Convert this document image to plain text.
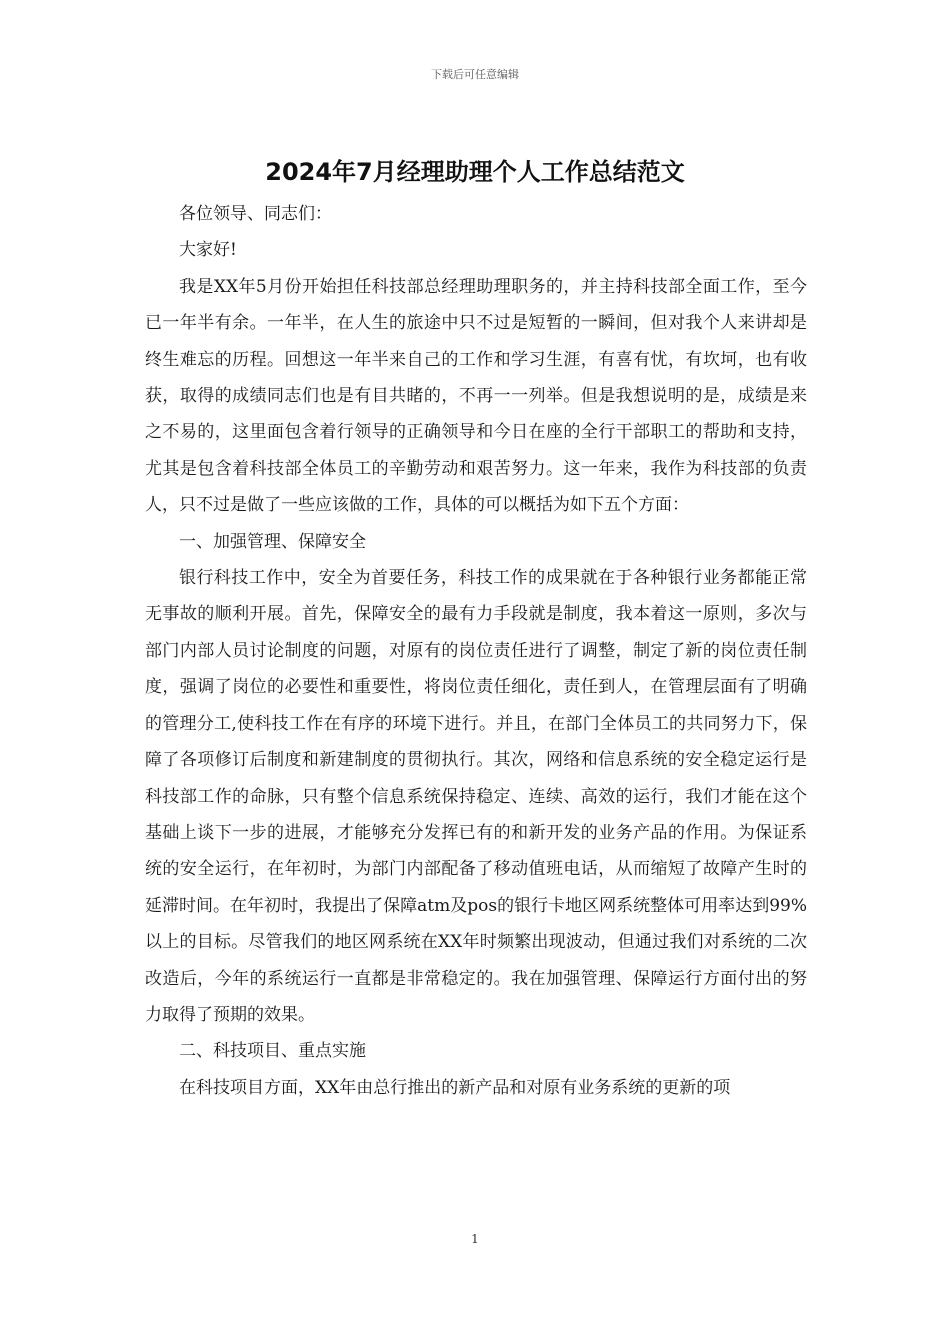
下载后可任意编辑
2024年7月经理助理个人工作总结范文

各位领导、同志们：

大家好!

我是XX年5月份开始担任科技部总经理助理职务的，并主持科技部全面工作，至今已一年半有余。一年半，在人生的旅途中只不过是短暂的一瞬间，但对我个人来讲却是终生难忘的历程。回想这一年半来自己的工作和学习生涯，有喜有忧，有坎坷，也有收获，取得的成绩同志们也是有目共睹的，不再一一列举。但是我想说明的是，成绩是来之不易的，这里面包含着行领导的正确领导和今日在座的全行干部职工的帮助和支持，尤其是包含着科技部全体员工的辛勤劳动和艰苦努力。这一年来，我作为科技部的负责人，只不过是做了一些应该做的工作，具体的可以概括为如下五个方面：

一、加强管理、保障安全

银行科技工作中，安全为首要任务，科技工作的成果就在于各种银行业务都能正常无事故的顺利开展。首先，保障安全的最有力手段就是制度，我本着这一原则，多次与部门内部人员讨论制度的问题，对原有的岗位责任进行了调整，制定了新的岗位责任制度，强调了岗位的必要性和重要性，将岗位责任细化，责任到人，在管理层面有了明确的管理分工,使科技工作在有序的环境下进行。并且，在部门全体员工的共同努力下，保障了各项修订后制度和新建制度的贯彻执行。其次，网络和信息系统的安全稳定运行是科技部工作的命脉，只有整个信息系统保持稳定、连续、高效的运行，我们才能在这个基础上谈下一步的进展，才能够充分发挥已有的和新开发的业务产品的作用。为保证系统的安全运行，在年初时，为部门内部配备了移动值班电话，从而缩短了故障产生时的延滞时间。在年初时，我提出了保障atm及pos的银行卡地区网系统整体可用率达到99%以上的目标。尽管我们的地区网系统在XX年时频繁出现波动，但通过我们对系统的二次改造后，今年的系统运行一直都是非常稳定的。我在加强管理、保障运行方面付出的努力取得了预期的效果。

二、科技项目、重点实施

在科技项目方面，XX年由总行推出的新产品和对原有业务系统的更新的项

1
